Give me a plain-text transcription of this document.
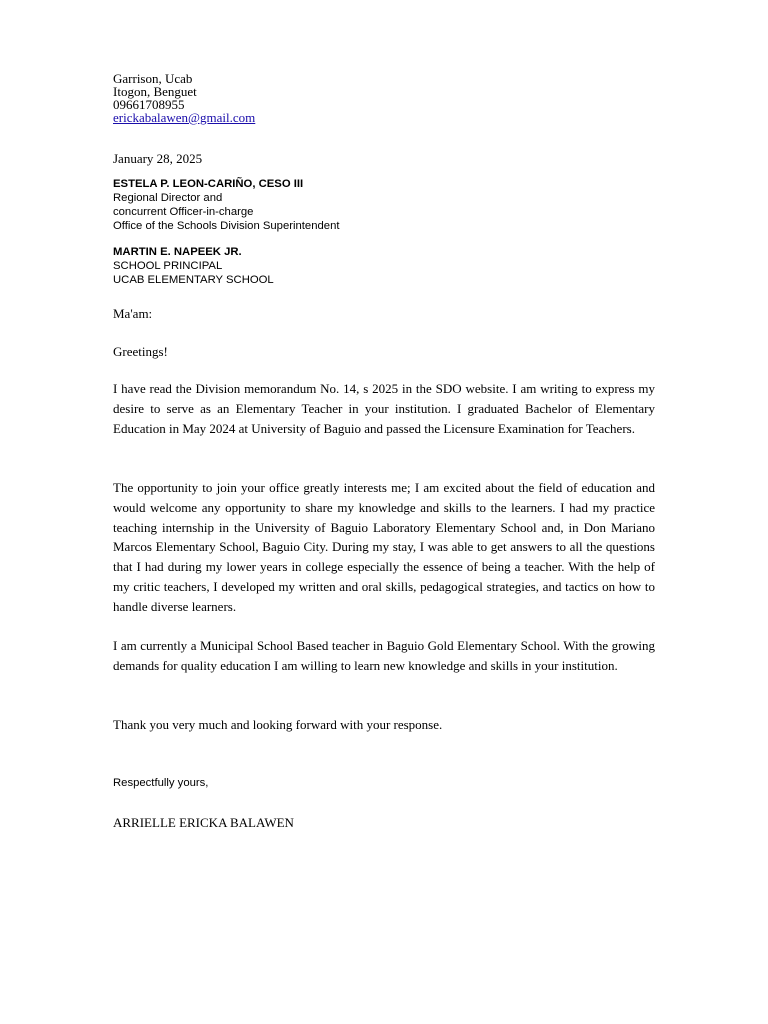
Garrison, Ucab
Itogon, Benguet
09661708955
erickabalawen@gmail.com
January 28, 2025
ESTELA P. LEON-CARIÑO, CESO III
Regional Director and
concurrent Officer-in-charge
Office of the Schools Division Superintendent
MARTIN E. NAPEEK JR.
SCHOOL PRINCIPAL
UCAB ELEMENTARY SCHOOL
Ma'am:
Greetings!

I have read the Division memorandum No. 14, s 2025 in the SDO website. I am writing to express my desire to serve as an Elementary Teacher in your institution. I graduated Bachelor of Elementary Education in May 2024 at University of Baguio and passed the Licensure Examination for Teachers.

The opportunity to join your office greatly interests me; I am excited about the field of education and would welcome any opportunity to share my knowledge and skills to the learners. I had my practice teaching internship in the University of Baguio Laboratory Elementary School and, in Don Mariano Marcos Elementary School, Baguio City. During my stay, I was able to get answers to all the questions that I had during my lower years in college especially the essence of being a teacher. With the help of my critic teachers, I developed my written and oral skills, pedagogical strategies, and tactics on how to handle diverse learners.

I am currently a Municipal School Based teacher in Baguio Gold Elementary School. With the growing demands for quality education I am willing to learn new knowledge and skills in your institution.

Thank you very much and looking forward with your response.

Respectfully yours,
ARRIELLE ERICKA BALAWEN
